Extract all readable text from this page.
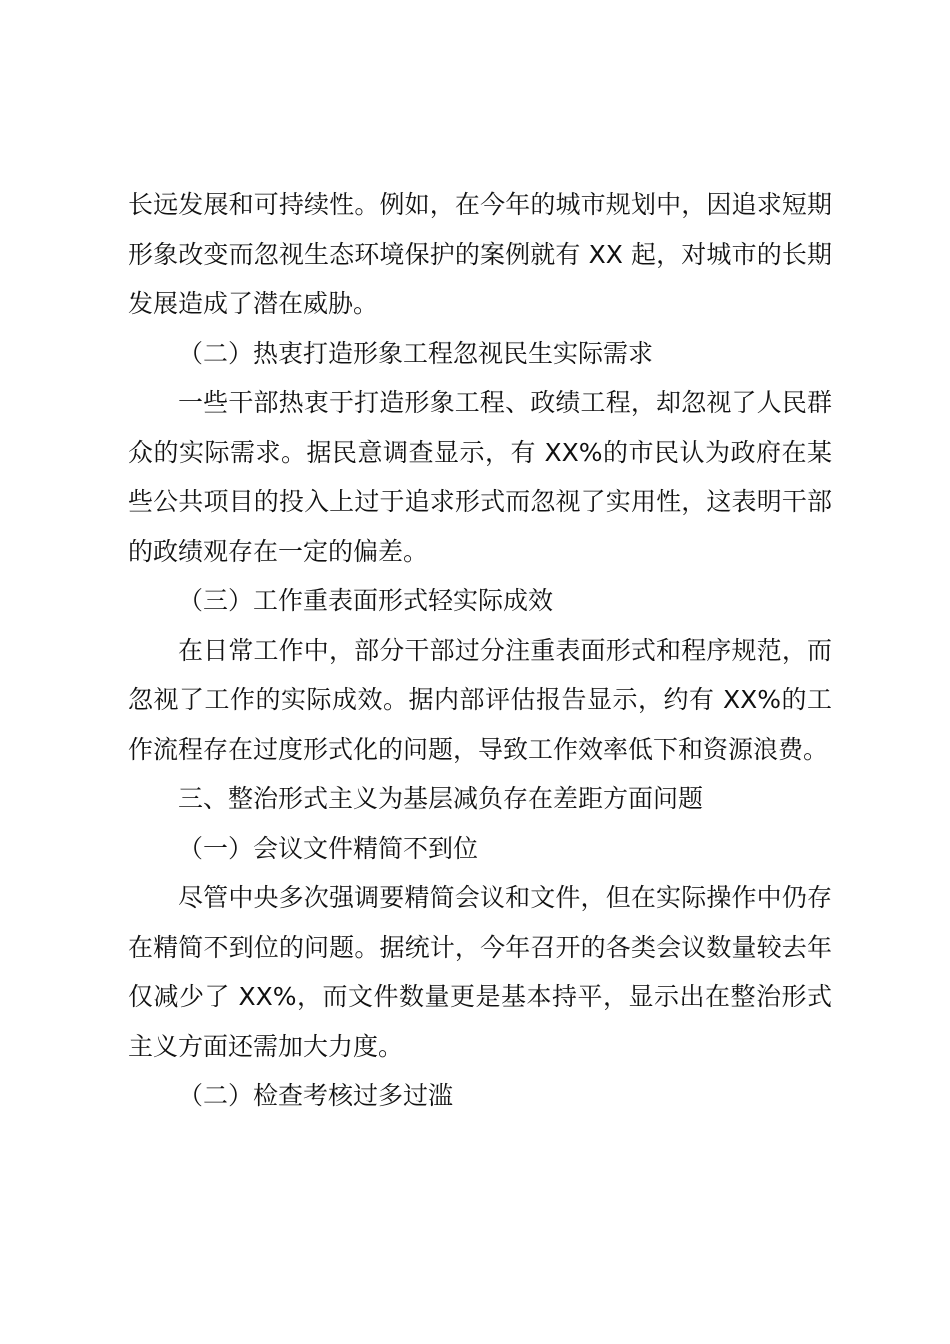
长远发展和可持续性。例如，在今年的城市规划中，因追求短期形象改变而忽视生态环境保护的案例就有 XX 起，对城市的长期发展造成了潜在威胁。

（二）热衷打造形象工程忽视民生实际需求

一些干部热衷于打造形象工程、政绩工程，却忽视了人民群众的实际需求。据民意调查显示，有 XX%的市民认为政府在某些公共项目的投入上过于追求形式而忽视了实用性，这表明干部的政绩观存在一定的偏差。

（三）工作重表面形式轻实际成效

在日常工作中，部分干部过分注重表面形式和程序规范，而忽视了工作的实际成效。据内部评估报告显示，约有 XX%的工作流程存在过度形式化的问题，导致工作效率低下和资源浪费。

三、整治形式主义为基层减负存在差距方面问题

（一）会议文件精简不到位

尽管中央多次强调要精简会议和文件，但在实际操作中仍存在精简不到位的问题。据统计，今年召开的各类会议数量较去年仅减少了 XX%，而文件数量更是基本持平，显示出在整治形式主义方面还需加大力度。

（二）检查考核过多过滥
